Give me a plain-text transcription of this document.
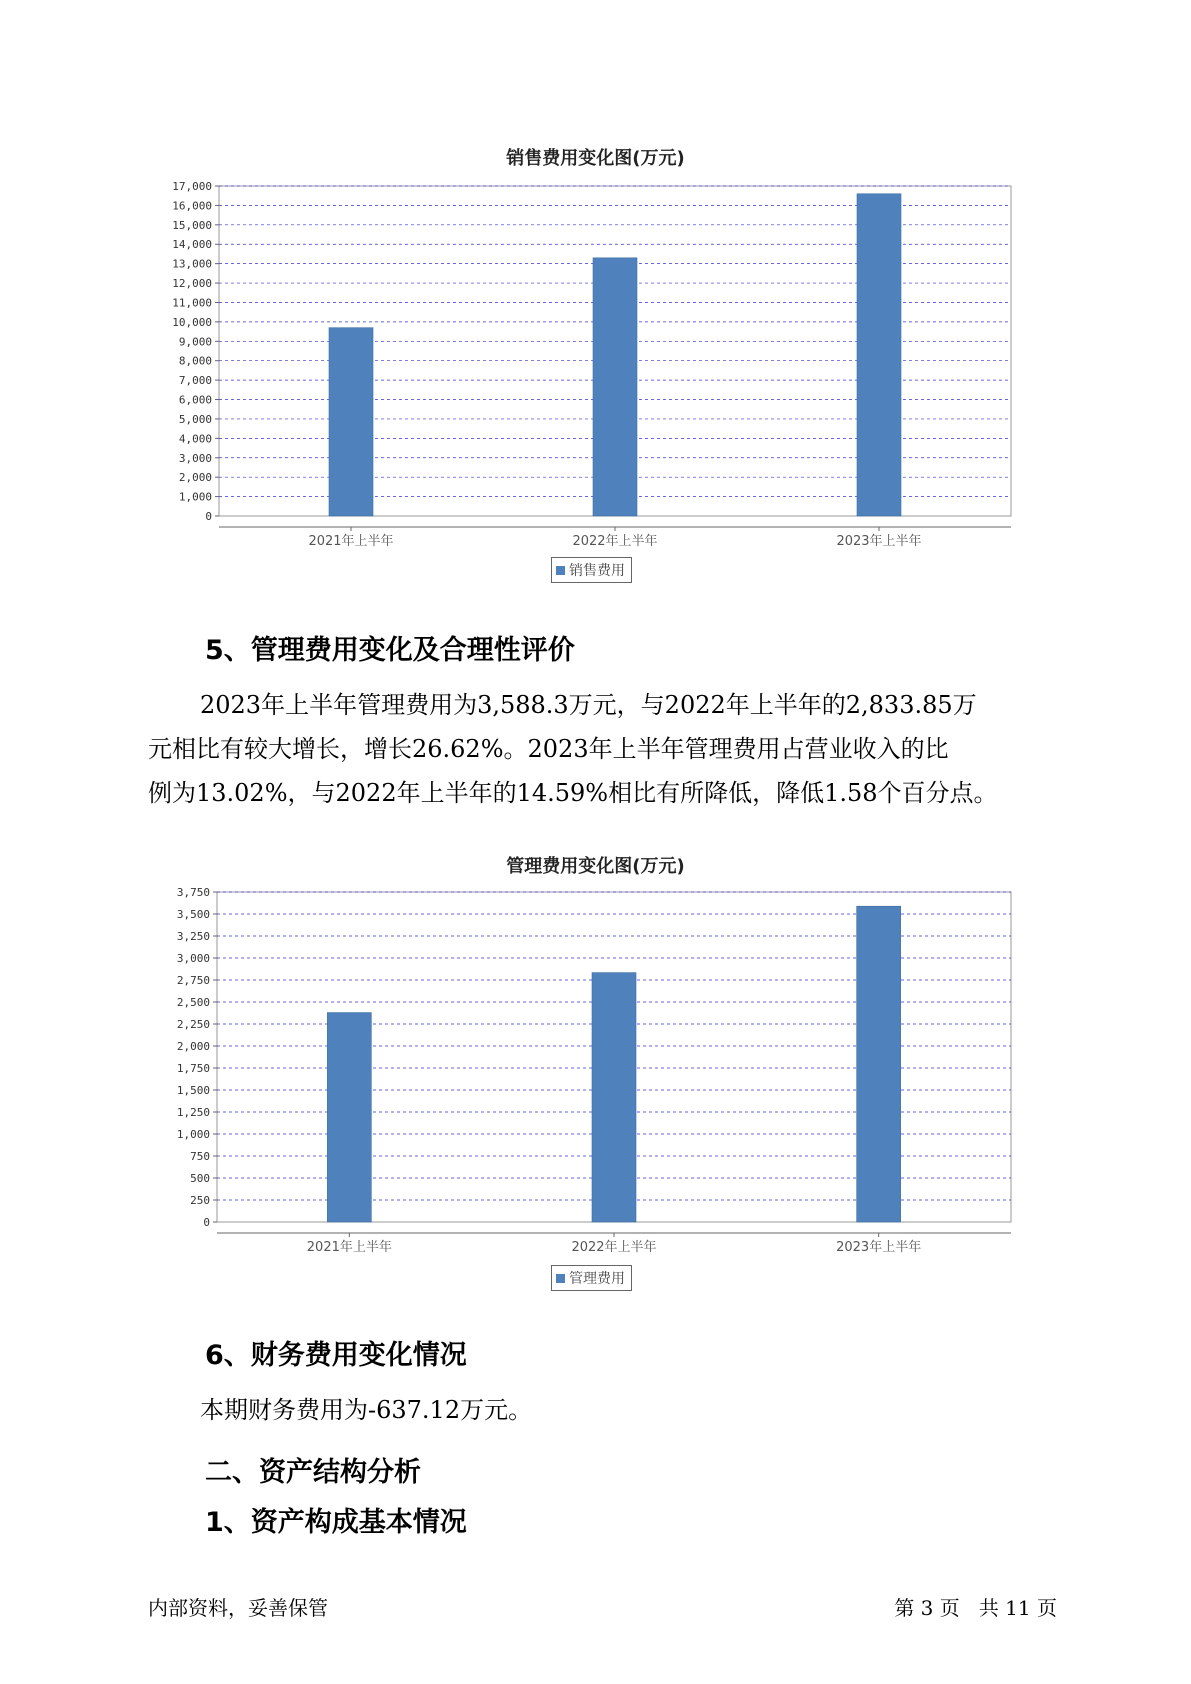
销售费用变化图(万元)
0
1,000
2,000
3,000
4,000
5,000
6,000
7,000
8,000
9,000
10,000
11,000
12,000
13,000
14,000
15,000
16,000
17,000
2021年上半年	2022年上半年	2023年上半年
销售费用
5、管理费用变化及合理性评价
2023年上半年管理费用为3,588.3万元，与2022年上半年的2,833.85万
元相比有较大增长，增长26.62%。2023年上半年管理费用占营业收入的比
例为13.02%，与2022年上半年的14.59%相比有所降低，降低1.58个百分点。
管理费用变化图(万元)
0
250
500
750
1,000
1,250
1,500
1,750
2,000
2,250
2,500
2,750
3,000
3,250
3,500
3,750
2021年上半年	2022年上半年	2023年上半年
管理费用
6、财务费用变化情况
本期财务费用为-637.12万元。
二、资产结构分析
1、资产构成基本情况
内部资料，妥善保管	第 3 页   共 11 页
